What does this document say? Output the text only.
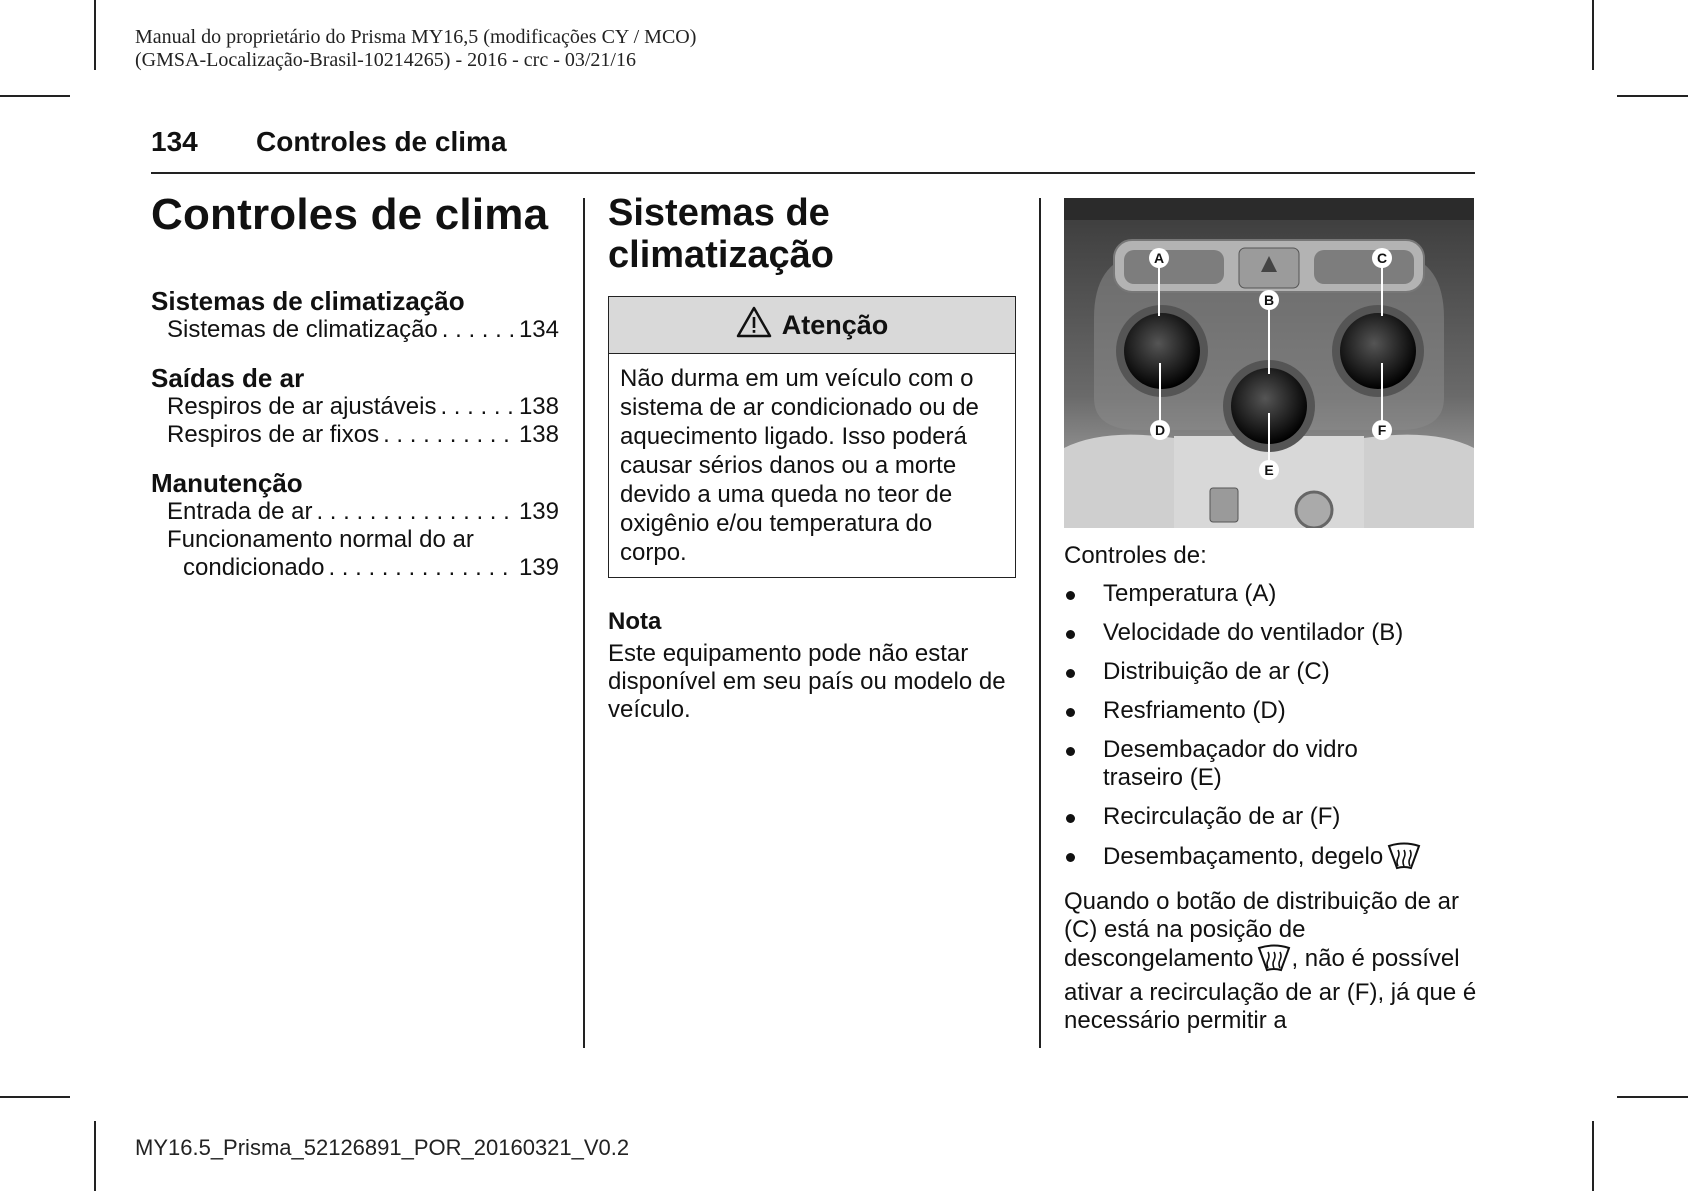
Manual do proprietário do Prisma MY16,5 (modificações CY / MCO)
(GMSA-Localização-Brasil-10214265) - 2016 - crc - 03/21/16
134 Controles de clima
Controles de clima
Sistemas de climatização
Sistemas de climatização . . .	134
Saídas de ar
Respiros de ar ajustáveis . . .	138
Respiros de ar fixos . . .	138
Manutenção
Entrada de ar . . .	139
Funcionamento normal do ar
condicionado . . .	139
Sistemas de climatização
Atenção
Não durma em um veículo com o sistema de ar condicionado ou de aquecimento ligado. Isso poderá causar sérios danos ou a morte devido a uma queda no teor de oxigênio e/ou temperatura do corpo.
Nota
Este equipamento pode não estar disponível em seu país ou modelo de veículo.
A
B
C
D
E
F
Controles de:
Temperatura (A)
Velocidade do ventilador (B)
Distribuição de ar (C)
Resfriamento (D)
Desembaçador do vidro traseiro (E)
Recirculação de ar (F)
Desembaçamento, degelo
Quando o botão de distribuição de ar (C) está na posição de descongelamento , não é possível ativar a recirculação de ar (F), já que é necessário permitir a
MY16.5_Prisma_52126891_POR_20160321_V0.2
